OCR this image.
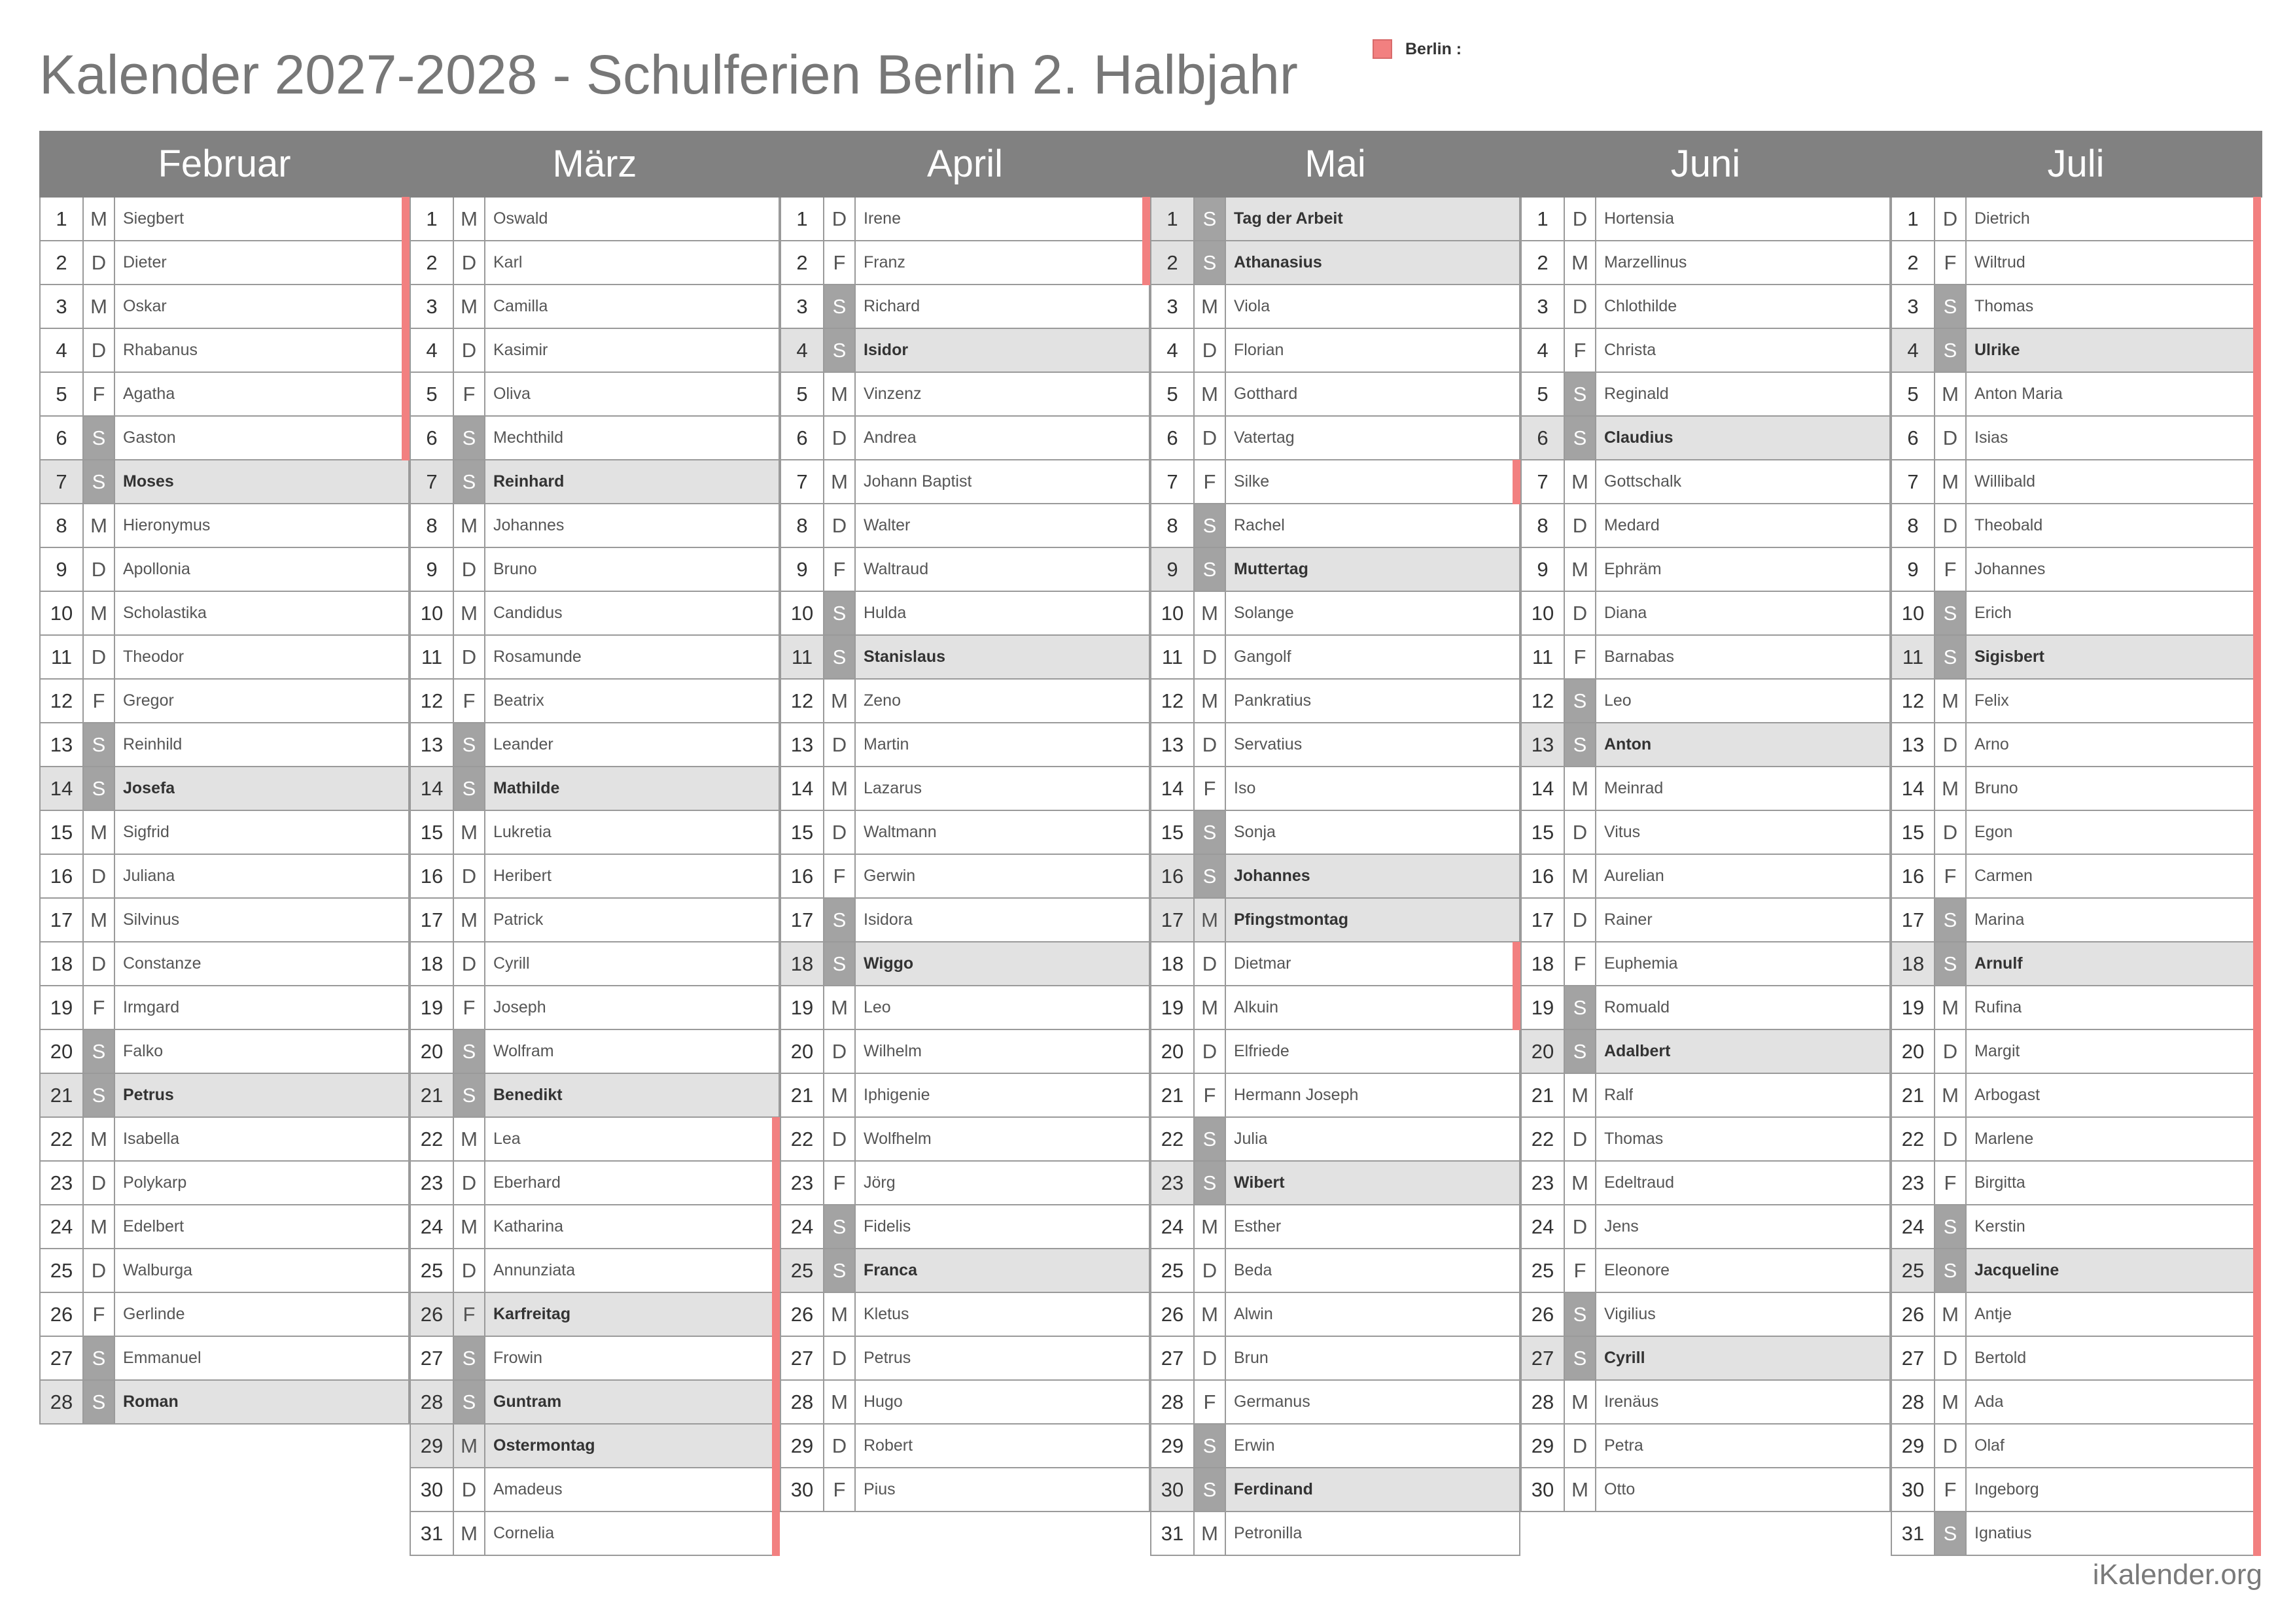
Kalender 2027-2028 - Schulferien Berlin 2. Halbjahr	Berlin :
Februar	März	April	Mai	Juni	Juli
1	M Siegbert
2	D	Dieter
3	M Oskar
4	D	Rhabanus
5	F	Agatha
6	S	Gaston
7	S	Moses
8	M Hieronymus
9	D	Apollonia
10 M Scholastika
11 D	Theodor
12 F	Gregor
13 S	Reinhild
14 S	Josefa
15 M Sigfrid
16 D	Juliana
17 M Silvinus
18 D	Constanze
19 F	Irmgard
20 S	Falko
21 S	Petrus
22 M Isabella
23 D	Polykarp
24 M Edelbert
25 D	Walburga
26 F	Gerlinde
27 S	Emmanuel
28 S	Roman
1	M Oswald
2	D	Karl
3	M Camilla
4	D	Kasimir
5	F	Oliva
6	S	Mechthild
7	S	Reinhard
8	M Johannes
9	D	Bruno
10 M Candidus
11 D	Rosamunde
12 F	Beatrix
13 S	Leander
14 S	Mathilde
15 M Lukretia
16 D	Heribert
17 M Patrick
18 D	Cyrill
19 F	Joseph
20 S	Wolfram
21 S	Benedikt
22 M Lea
23 D	Eberhard
24 M Katharina
25 D	Annunziata
26 F	Karfreitag
27 S	Frowin
28 S	Guntram
29 M Ostermontag
30 D	Amadeus
31 M Cornelia
1	D	Irene
2	F	Franz
3	S	Richard
4	S	Isidor
5	M Vinzenz
6	D	Andrea
7	M Johann Baptist
8	D	Walter
9	F	Waltraud
10 S	Hulda
11 S	Stanislaus
12 M Zeno
13 D	Martin
14 M Lazarus
15 D	Waltmann
16 F	Gerwin
17 S	Isidora
18 S	Wiggo
19 M Leo
20 D	Wilhelm
21 M Iphigenie
22 D	Wolfhelm
23 F	Jörg
24 S	Fidelis
25 S	Franca
26 M Kletus
27 D	Petrus
28 M Hugo
29 D	Robert
30 F	Pius
1	S	Tag der Arbeit
2	S	Athanasius
3	M Viola
4	D	Florian
5	M Gotthard
6	D	Vatertag
7	F	Silke
8	S	Rachel
9	S	Muttertag
10 M Solange
11 D	Gangolf
12 M Pankratius
13 D	Servatius
14 F	Iso
15 S	Sonja
16 S	Johannes
17 M Pfingstmontag
18 D	Dietmar
19 M Alkuin
20 D	Elfriede
21 F	Hermann Joseph
22 S	Julia
23 S	Wibert
24 M Esther
25 D	Beda
26 M Alwin
27 D	Brun
28 F	Germanus
29 S	Erwin
30 S	Ferdinand
31 M Petronilla
1	D	Hortensia
2	M Marzellinus
3	D	Chlothilde
4	F	Christa
5	S	Reginald
6	S	Claudius
7	M Gottschalk
8	D	Medard
9	M Ephräm
10 D	Diana
11	F	Barnabas
12 S	Leo
13 S	Anton
14 M Meinrad
15 D	Vitus
16 M Aurelian
17 D	Rainer
18 F	Euphemia
19 S	Romuald
20 S	Adalbert
21 M Ralf
22 D	Thomas
23 M Edeltraud
24 D	Jens
25 F	Eleonore
26 S	Vigilius
27 S	Cyrill
28 M Irenäus
29 D	Petra
30 M Otto
1	D	Dietrich
2	F	Wiltrud
3	S	Thomas
4	S	Ulrike
5	M Anton Maria
6	D	Isias
7	M Willibald
8	D	Theobald
9	F	Johannes
10 S	Erich
11 S	Sigisbert
12 M Felix
13 D	Arno
14 M Bruno
15 D	Egon
16 F	Carmen
17 S	Marina
18 S	Arnulf
19 M Rufina
20 D	Margit
21 M Arbogast
22 D	Marlene
23 F	Birgitta
24 S	Kerstin
25 S	Jacqueline
26 M Antje
27 D	Bertold
28 M Ada
29 D	Olaf
30 F	Ingeborg
31 S	Ignatius
iKalender.org
